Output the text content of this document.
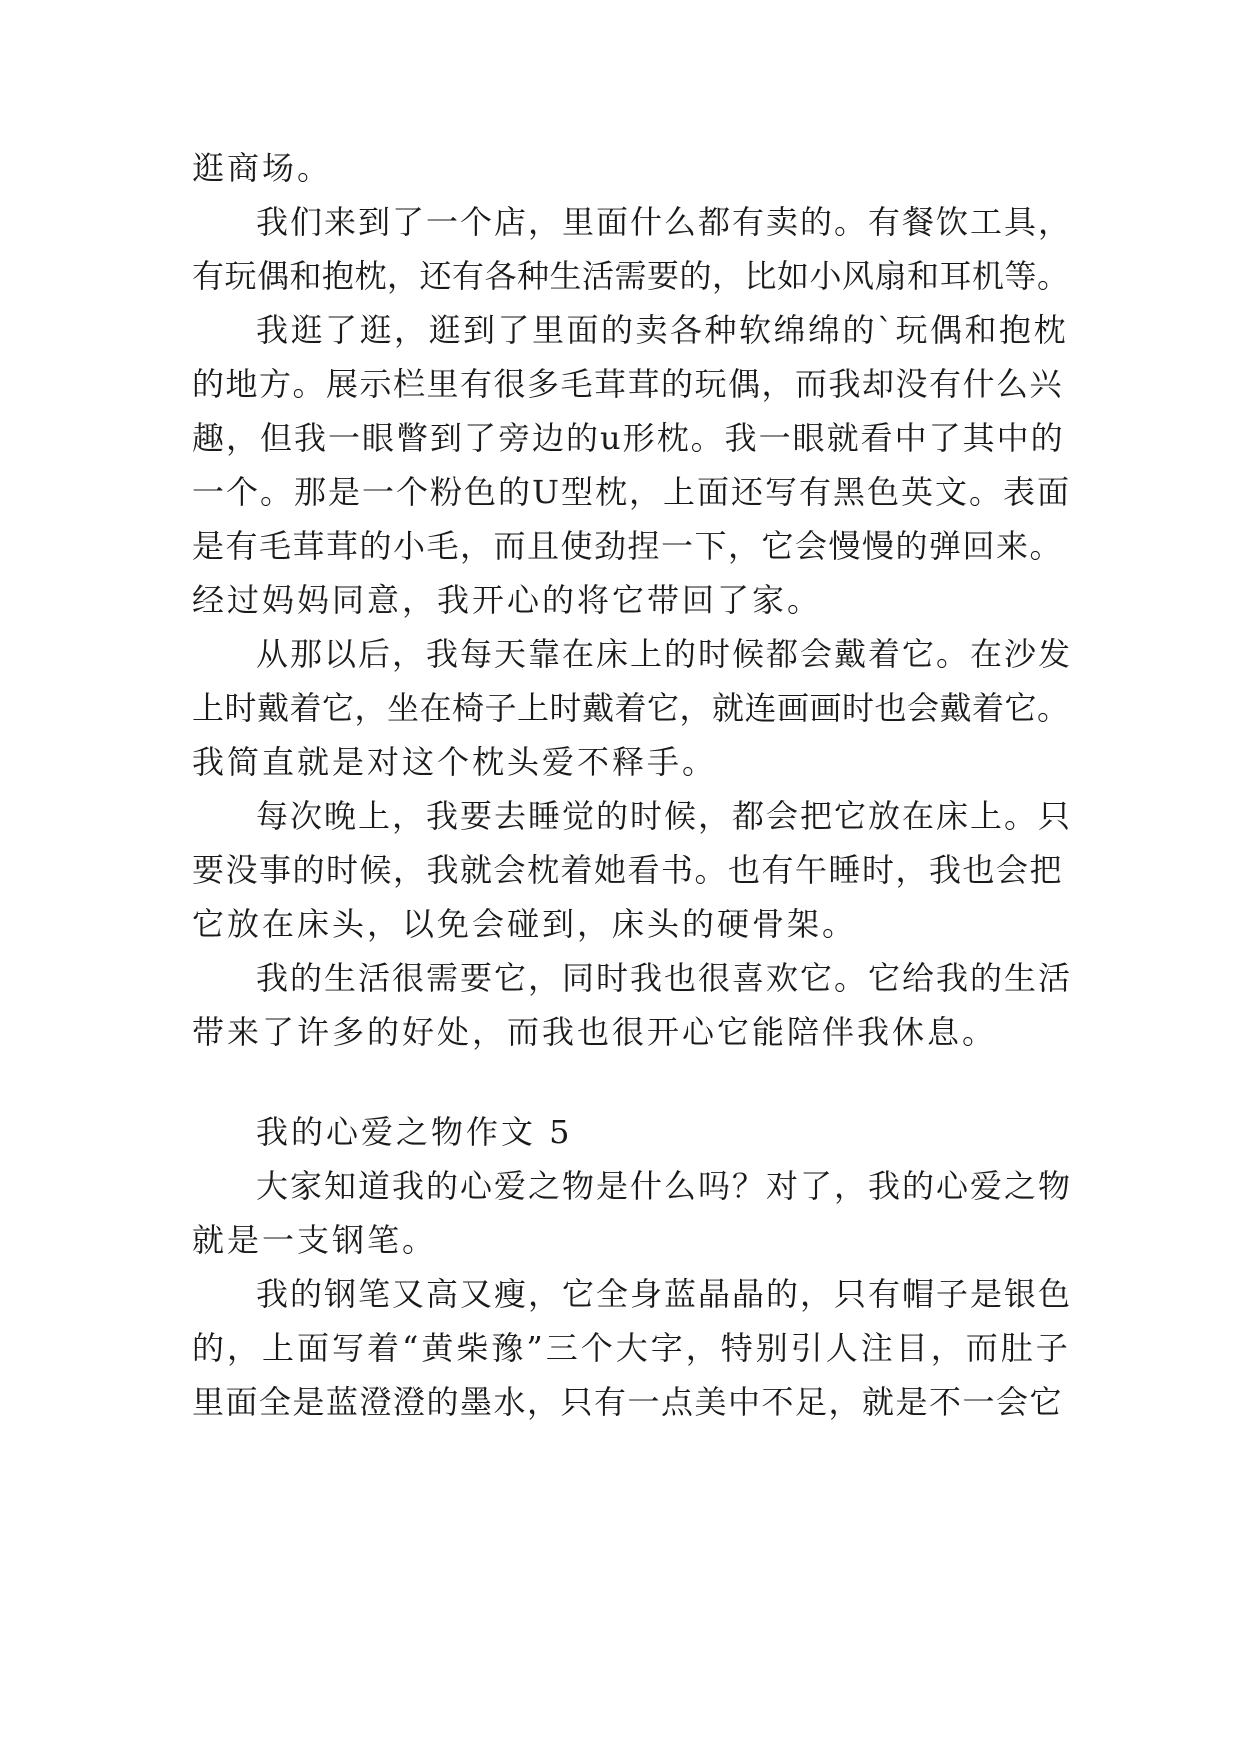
逛商场。
我们来到了一个店，里面什么都有卖的。有餐饮工具，
有玩偶和抱枕，还有各种生活需要的，比如小风扇和耳机等。
我逛了逛，逛到了里面的卖各种软绵绵的`玩偶和抱枕
的地方。展示栏里有很多毛茸茸的玩偶，而我却没有什么兴
趣，但我一眼瞥到了旁边的u形枕。我一眼就看中了其中的
一个。那是一个粉色的U型枕，上面还写有黑色英文。表面
是有毛茸茸的小毛，而且使劲捏一下，它会慢慢的弹回来。
经过妈妈同意，我开心的将它带回了家。
从那以后，我每天靠在床上的时候都会戴着它。在沙发
上时戴着它，坐在椅子上时戴着它，就连画画时也会戴着它。
我简直就是对这个枕头爱不释手。
每次晚上，我要去睡觉的时候，都会把它放在床上。只
要没事的时候，我就会枕着她看书。也有午睡时，我也会把
它放在床头，以免会碰到，床头的硬骨架。
我的生活很需要它，同时我也很喜欢它。它给我的生活
带来了许多的好处，而我也很开心它能陪伴我休息。
我的心爱之物作文 5
大家知道我的心爱之物是什么吗？对了，我的心爱之物
就是一支钢笔。
我的钢笔又高又瘦，它全身蓝晶晶的，只有帽子是银色
的，上面写着“黄柴豫”三个大字，特别引人注目，而肚子
里面全是蓝澄澄的墨水，只有一点美中不足，就是不一会它
